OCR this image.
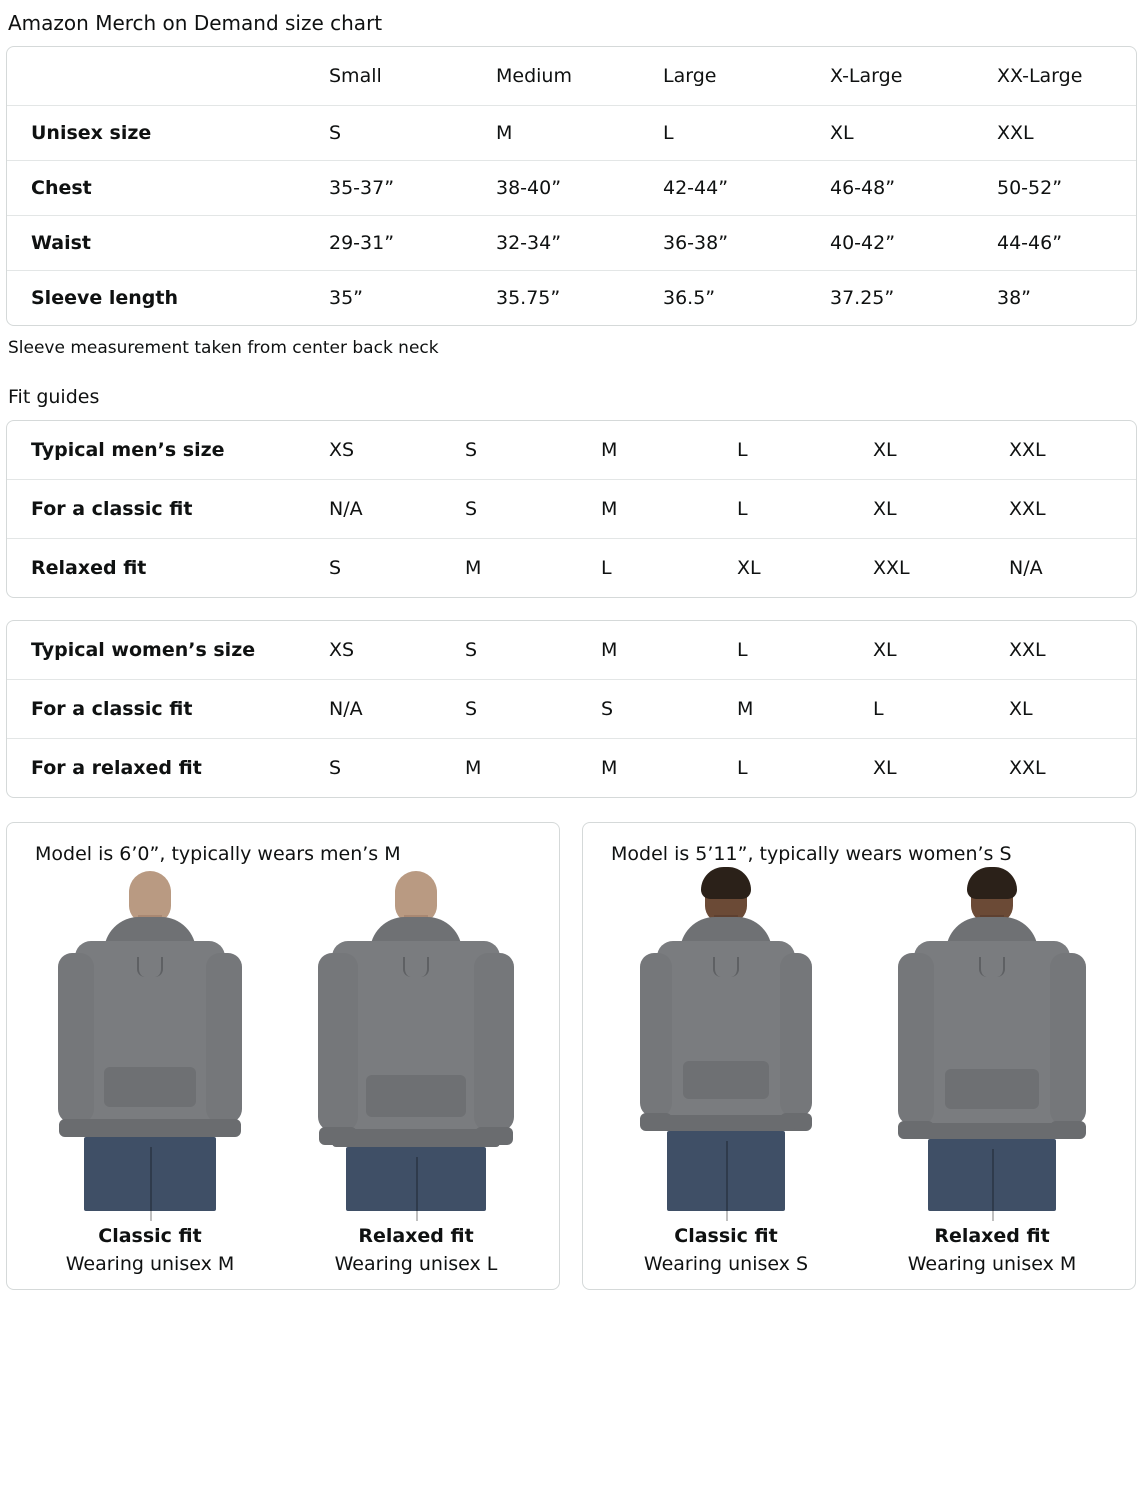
Amazon Merch on Demand size chart
	Small	Medium	Large	X-Large	XX-Large
Unisex size	S	M	L	XL	XXL
Chest	35-37”	38-40”	42-44”	46-48”	50-52”
Waist	29-31”	32-34”	36-38”	40-42”	44-46”
Sleeve length	35”	35.75”	36.5”	37.25”	38”
Sleeve measurement taken from center back neck
Fit guides
Typical men’s size	XS	S	M	L	XL	XXL
For a classic fit	N/A	S	M	L	XL	XXL
Relaxed fit	S	M	L	XL	XXL	N/A
Typical women’s size	XS	S	M	L	XL	XXL
For a classic fit	N/A	S	S	M	L	XL
For a relaxed fit	S	M	M	L	XL	XXL
Model is 6’0”, typically wears men’s M
Classic fit
Wearing unisex M
Relaxed fit
Wearing unisex L
Model is 5’11”, typically wears women’s S
Classic fit
Wearing unisex S
Relaxed fit
Wearing unisex M
